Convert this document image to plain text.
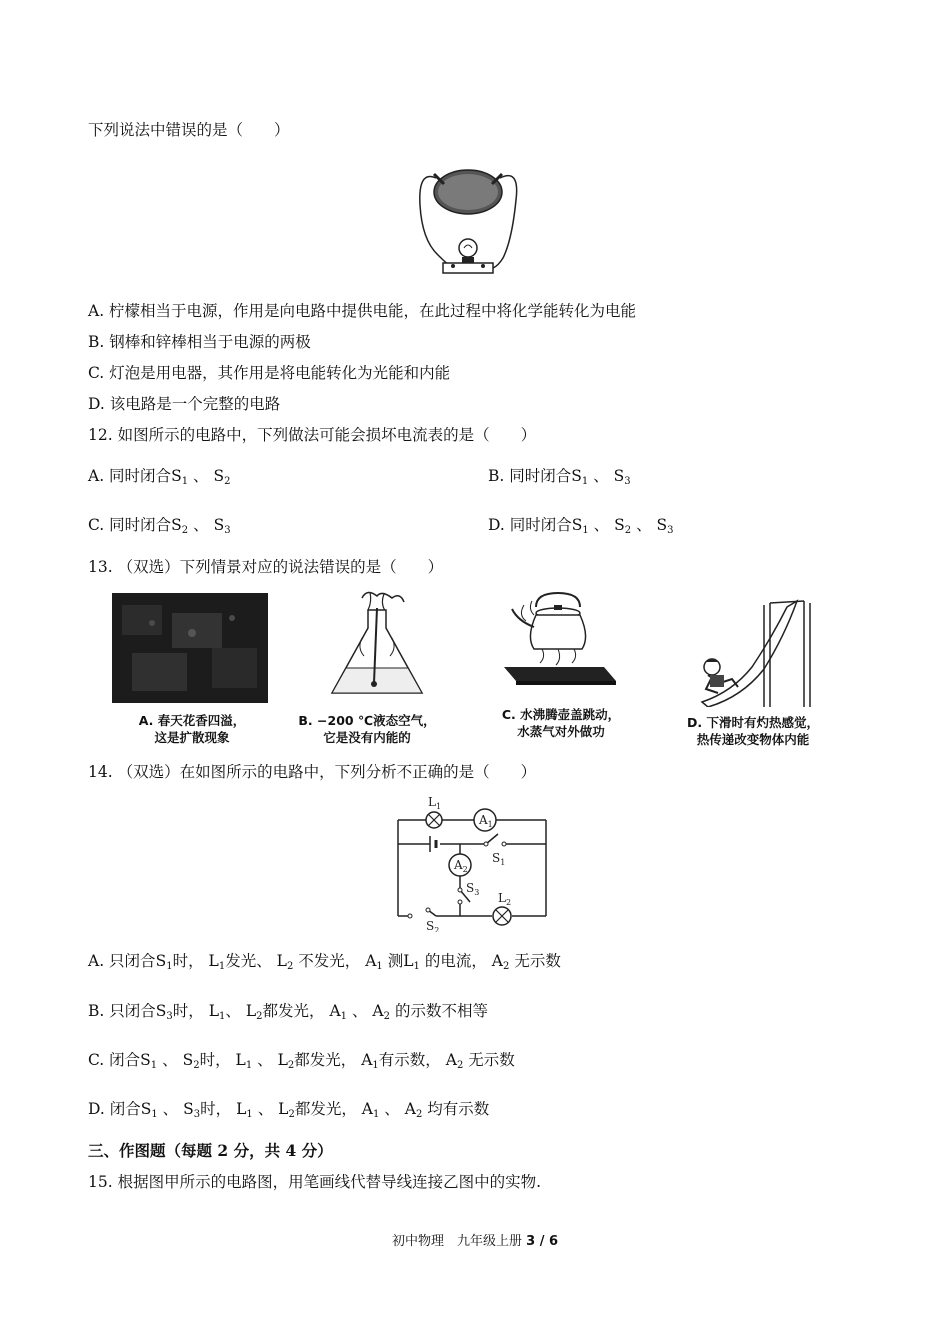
下列说法中错误的是（　　）
A. 柠檬相当于电源，作用是向电路中提供电能，在此过程中将化学能转化为电能
B. 钢棒和锌棒相当于电源的两极
C. 灯泡是用电器，其作用是将电能转化为光能和内能
D. 该电路是一个完整的电路
12. 如图所示的电路中，下列做法可能会损坏电流表的是（　　）
A. 同时闭合$S_1$ 、 $S_2$	B. 同时闭合$S_1$ 、 $S_3$
C. 同时闭合$S_2$ 、 $S_3$	D. 同时闭合$S_1$ 、 $S_2$ 、 $S_3$
13. （双选）下列情景对应的说法错误的是（　　）
A. 春天花香四溢，
这是扩散现象
B. −200 ℃液态空气，
它是没有内能的
C. 水沸腾壶盖跳动，
水蒸气对外做功
D. 下滑时有灼热感觉，
热传递改变物体内能
14. （双选）在如图所示的电路中，下列分析不正确的是（　　）
$L_1$
$A_1$
$A_2$
$S_1$
$S_3$ $L_2$
$S_2$
A. 只闭合$S_1$时， $L_1$发光、 $L_2$ 不发光， $A_1$ 测$L_1$ 的电流， $A_2$ 无示数
B. 只闭合$S_3$时， $L_1$、 $L_2$都发光， $A_1$ 、 $A_2$ 的示数不相等
C. 闭合$S_1$ 、 $S_2$时， $L_1$ 、 $L_2$都发光， $A_1$有示数， $A_2$ 无示数
D. 闭合$S_1$ 、 $S_3$时， $L_1$ 、 $L_2$都发光， $A_1$ 、 $A_2$ 均有示数
三、作图题（每题 2 分，共 4 分）
15. 根据图甲所示的电路图，用笔画线代替导线连接乙图中的实物.
初中物理　九年级上册 3 / 6
